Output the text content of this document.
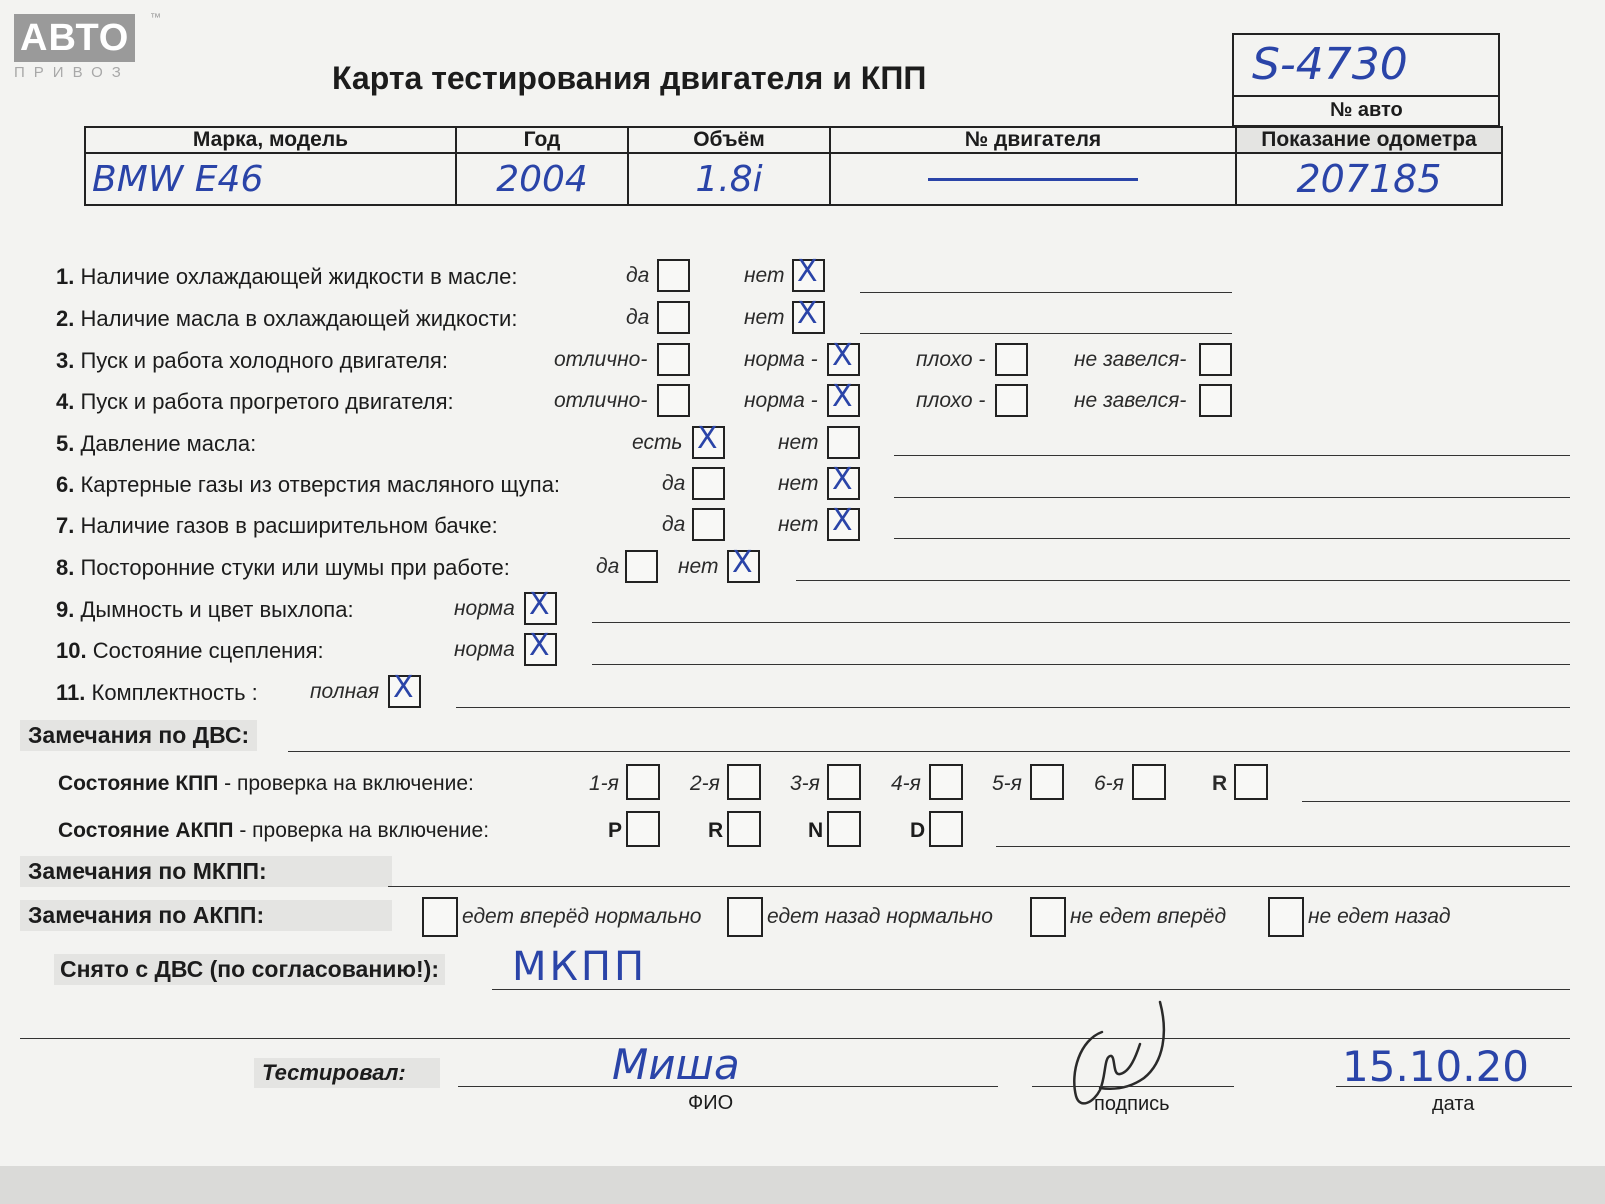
АВТО
ПРИВОЗ
™
Карта тестирования двигателя и КПП	S-4730
№ авто
Марка, модель	Год	Объём	№ двигателя	Показание одометра
BMW E46	2004	1.8i		207185
1. Наличие охлаждающей жидкости в масле:	да	нет X
2. Наличие масла в охлаждающей жидкости:	да	нет X
3. Пуск и работа холодного двигателя:	отлично-	норма - X	плохо -	не завелся-
4. Пуск и работа прогретого двигателя:	отлично-	норма - X	плохо -	не завелся-
5. Давление масла:	есть X	нет
6. Картерные газы из отверстия масляного щупа:	да	нет X
7. Наличие газов в расширительном бачке:	да	нет X
8. Посторонние стуки или шумы при работе:	да	нет X
9. Дымность и цвет выхлопа:	норма X
10. Состояние сцепления:	норма X
11. Комплектность : полная X
Замечания по ДВС:
Состояние КПП - проверка на включение:	1-я	2-я	3-я	4-я	5-я	6-я	R
Состояние АКПП - проверка на включение:	P	R	N	D
Замечания по МКПП:
Замечания по АКПП:	едет вперёд нормально	едет назад нормально	не едет вперёд	не едет назад
Снято с ДВС (по согласованию!): МКПП
Тестировал:	Миша
ФИО	подпись
15.10.20
дата
